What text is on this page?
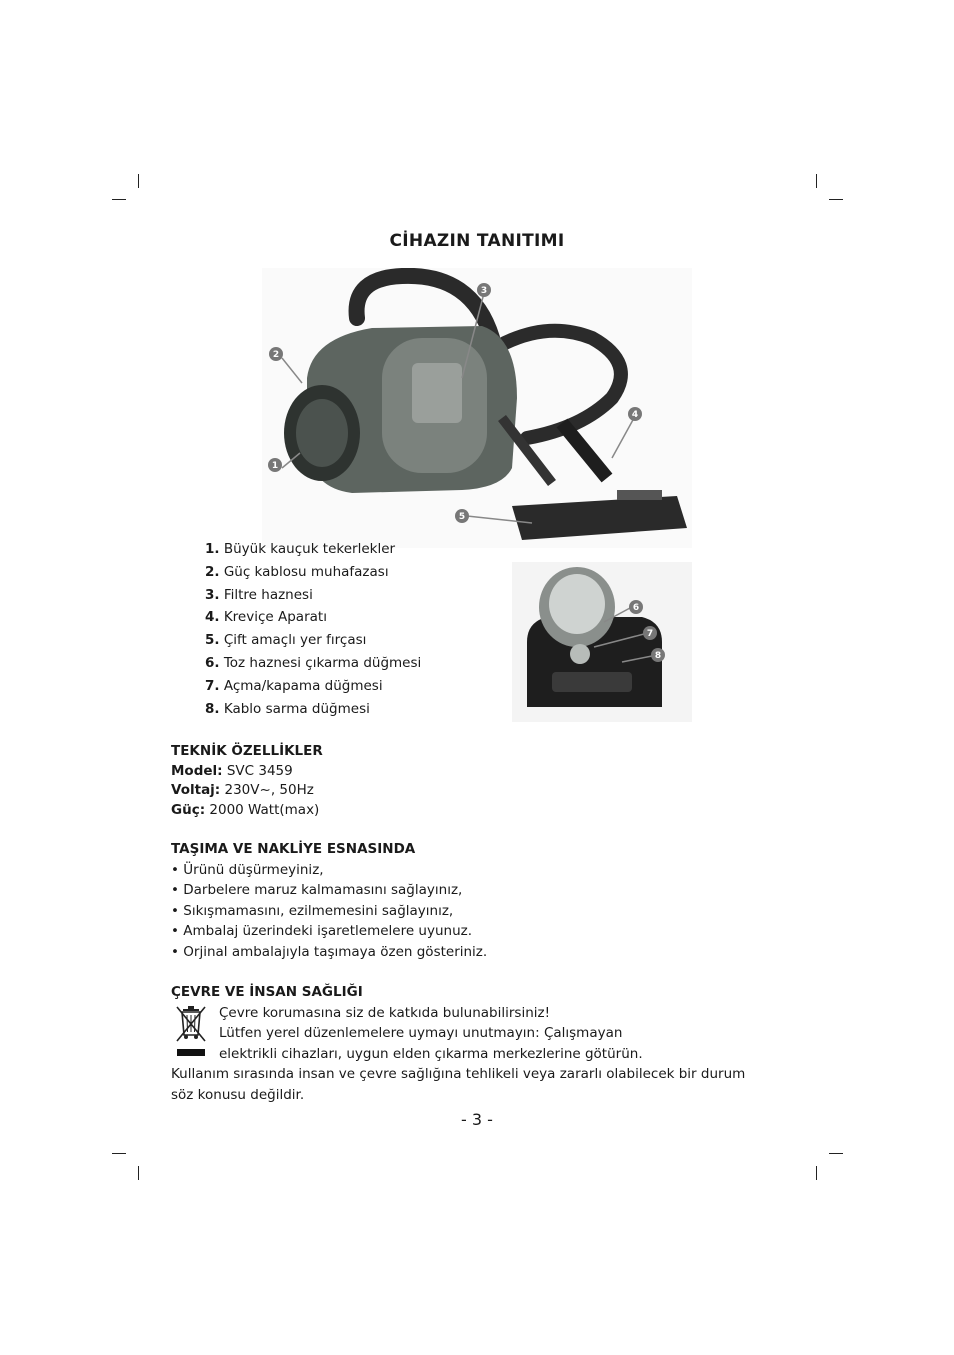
CİHAZIN TANITIMI
2
1
3
4
5
6
7
8
1. Büyük kauçuk tekerlekler
2. Güç kablosu muhafazası
3. Filtre haznesi
4. Kreviçe Aparatı
5. Çift amaçlı yer fırçası
6. Toz haznesi çıkarma düğmesi
7. Açma/kapama düğmesi
8. Kablo sarma düğmesi
TEKNİK ÖZELLİKLER
Model: SVC 3459
Voltaj: 230V~, 50Hz
Güç: 2000 Watt(max)
TAŞIMA VE NAKLİYE ESNASINDA
• Ürünü düşürmeyiniz,
• Darbelere maruz kalmamasını sağlayınız,
• Sıkışmamasını, ezilmemesini sağlayınız,
• Ambalaj üzerindeki işaretlemelere uyunuz.
• Orjinal ambalajıyla taşımaya özen gösteriniz.
ÇEVRE VE İNSAN SAĞLIĞI
Çevre korumasına siz de katkıda bulunabilirsiniz!
Lütfen yerel düzenlemelere uymayı unutmayın: Çalışmayan
elektrikli cihazları, uygun elden çıkarma merkezlerine götürün.
Kullanım sırasında insan ve çevre sağlığına tehlikeli veya zararlı olabilecek bir durum
söz konusu değildir.
- 3 -
